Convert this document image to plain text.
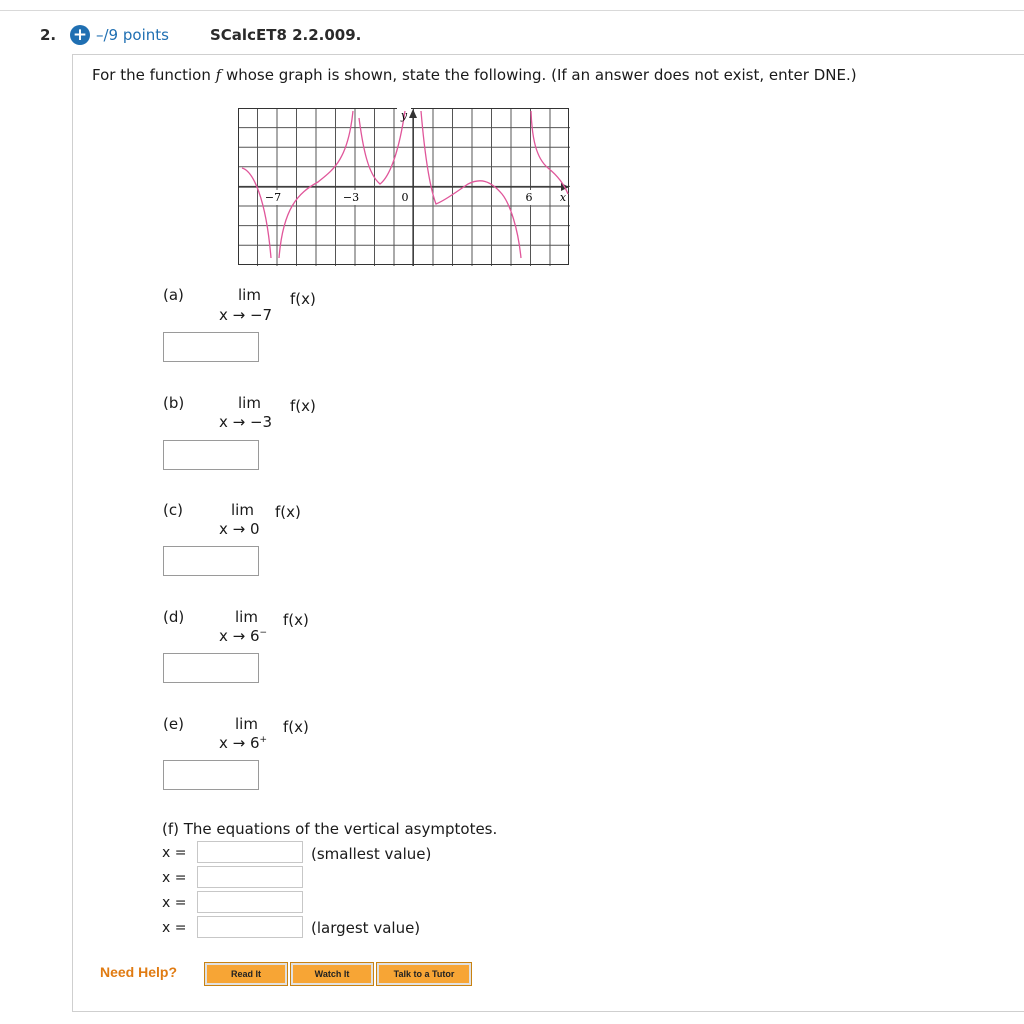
2. + –/9 points	SCalcET8 2.2.009.
For the function f whose graph is shown, state the following. (If an answer does not exist, enter DNE.)
−7	−3	0	6 x
y
(a)	lim
x → −7
f(x)
(b)	lim
x → −3
f(x)
(c)	lim
x → 0
f(x)
(d)	lim
x → 6−
f(x)
(e)	lim
x → 6+
f(x)
(f) The equations of the vertical asymptotes.
x =	(smallest value)
x =
x =
x =	(largest value)
Need Help?	Read It	Watch It	Talk to a Tutor
